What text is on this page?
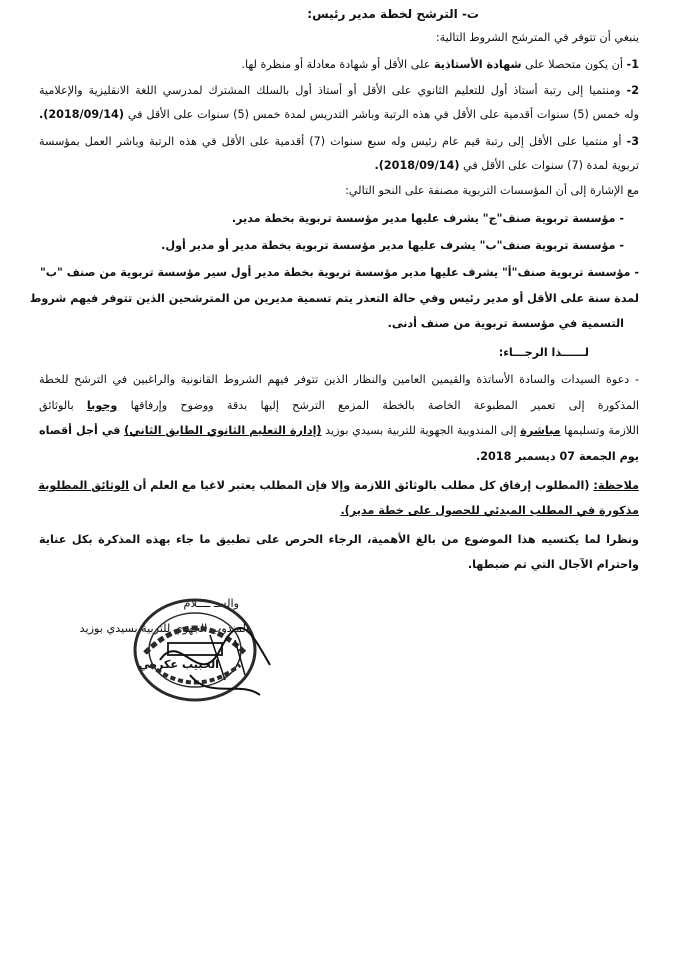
ت- الترشح لخطة مدير رئيس:
ينبغي أن تتوفر في المترشح الشروط التالية:
1- أن يكون متحصلا على شهادة الأستاذية على الأقل أو شهادة معادلة أو منظرة لها.
2- ومنتميا إلى رتبة أستاذ أول للتعليم الثانوي على الأقل أو أستاذ أول بالسلك المشترك لمدرسي اللغة الانقليزية والإعلامية
وله خمس (5) سنوات أقدمية على الأقل في هذه الرتبة وباشر التدريس لمدة خمس (5) سنوات على الأقل في (2018/09/14).
3- أو منتميا على الأقل إلى رتبة قيم عام رئيس وله سبع سنوات (7) أقدمية على الأقل في هذه الرتبة وباشر العمل بمؤسسة
تربوية لمدة (7) سنوات على الأقل في (2018/09/14).
مع الإشارة إلى أن المؤسسات التربوية مصنفة على النحو التالي:
- مؤسسة تربوية صنف"ج" يشرف عليها مدير مؤسسة تربوية بخطة مدير.
- مؤسسة تربوية صنف"ب" يشرف عليها مدير مؤسسة تربوية بخطة مدير أو مدير أول.
- مؤسسة تربوية صنف"أ" يشرف عليها مدير مؤسسة تربوية بخطة مدير أول سير مؤسسة تربوية من صنف "ب"
لمدة سنة على الأقل أو مدير رئيس وفي حالة التعذر يتم تسمية مديرين من المترشحين الذين تتوفر فيهم شروط
التسمية في مؤسسة تربوية من صنف أدنى.
لــــــذا الرجـــاء:
- دعوة السيدات والسادة الأساتذة والقيمين العامين والنظار الذين تتوفر فيهم الشروط القانونية والراغبين في الترشح للخطة
المذكورة إلى تعمير المطبوعة الخاصة بالخطة المزمع الترشح إليها بدقة ووضوح وإرفاقها وجوبا بالوثائق
اللازمة وتسليمها مباشرة إلى المندوبية الجهوية للتربية بسيدي بوزيد (إدارة التعليم الثانوي الطابق الثاني) في أجل أقصاه
يوم الجمعة 07 ديسمبر 2018.
ملاحظة: (المطلوب إرفاق كل مطلب بالوثائق اللازمة وإلا فإن المطلب يعتبر لاغيا مع العلم أن الوثائق المطلوبة
مذكورة في المطلب المبدئي للحصول على خطة مدير).
ونظرا لما يكتسيه هذا الموضوع من بالغ الأهمية، الرجاء الحرص على تطبيق ما جاء بهذه المذكرة بكل عناية
واحترام الآجال التي تم ضبطها.
والسـ ــــلام
المندوب الجهوي للتربية بسيدي بوزيد
الحبيب عكرمي
